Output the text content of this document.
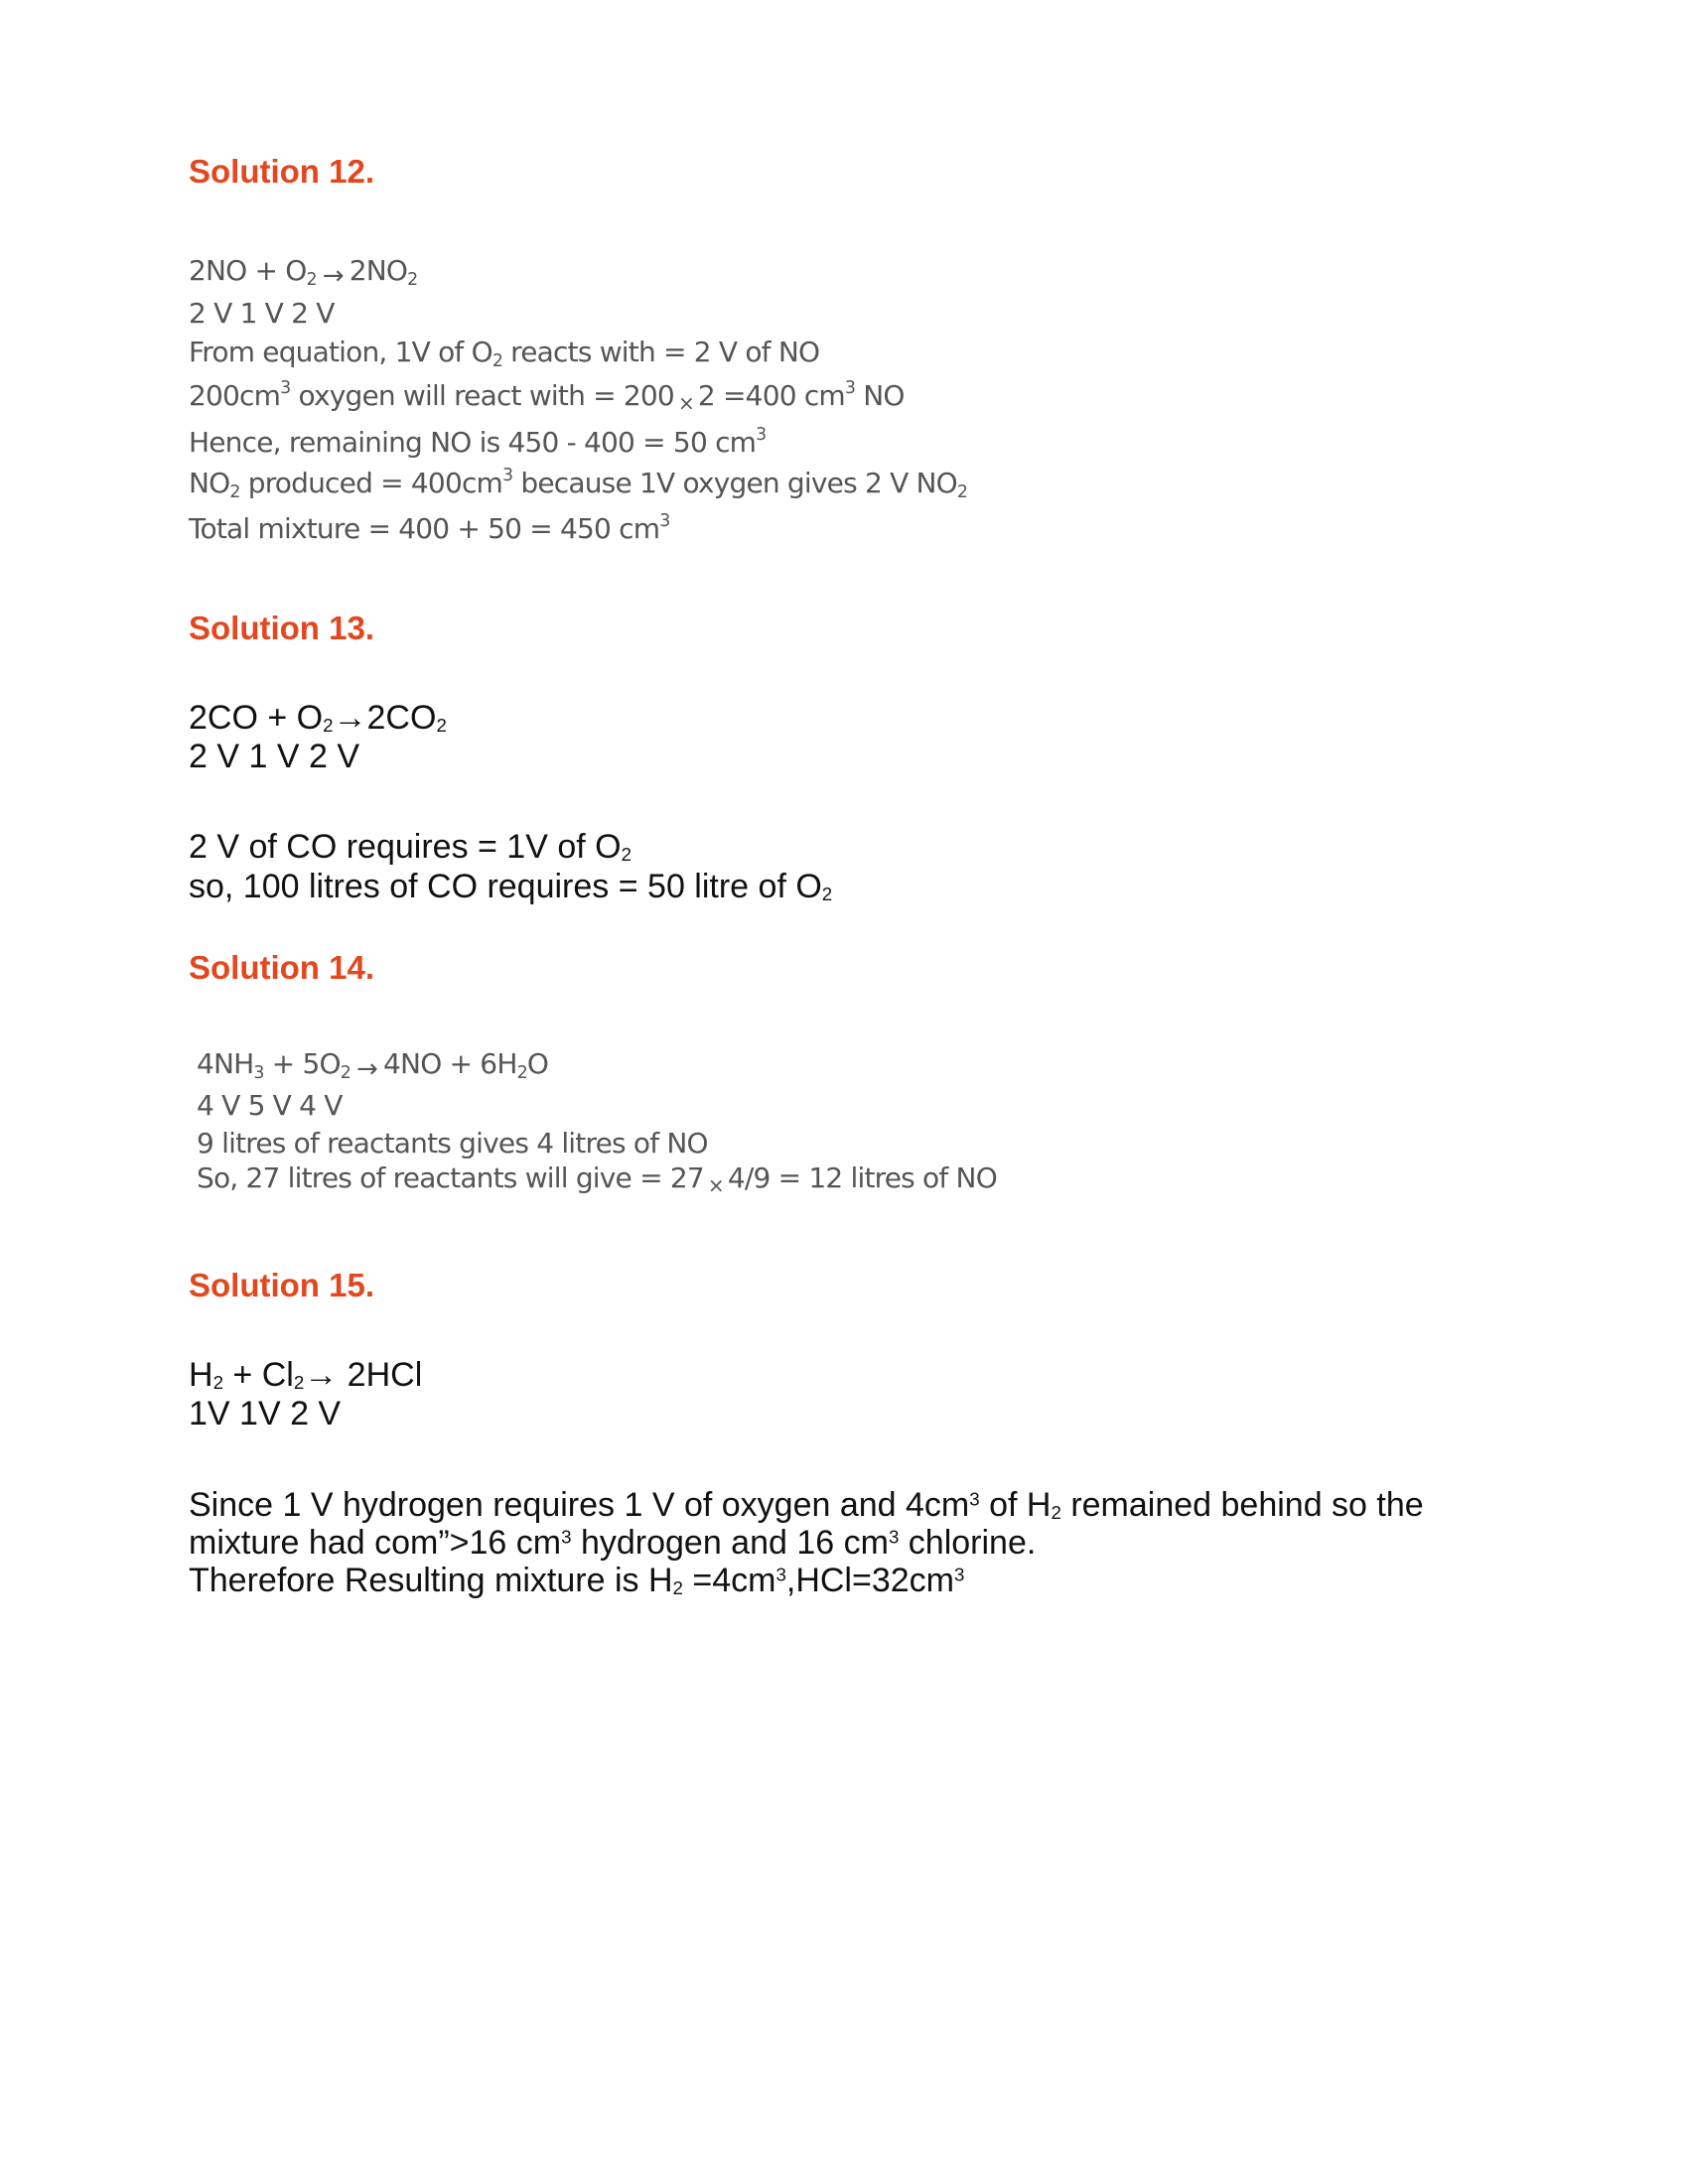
Solution 12.
$2NO + O_2 \to 2NO_2$
2 V 1 V 2 V
From equation, 1V of $O_2$ reacts with = 2 V of NO
$200cm^3$ oxygen will react with = 200 × 2 =400 $cm^3$ NO
Hence, remaining NO is 450 - 400 = 50 $cm^3$
$NO_2$ produced = $400cm^3$ because 1V oxygen gives 2 V $NO_2$
Total mixture = 400 + 50 = 450 $cm^3$
Solution 13.
$2CO + O_2\to 2CO_2$
2 V 1 V 2 V
2 V of CO requires = 1V of $O_2$
so, 100 litres of CO requires = 50 litre of $O_2$
Solution 14.
$4NH_3 + 5O_2 \to 4NO + 6H_2O$
4 V 5 V 4 V
9 litres of reactants gives 4 litres of NO
So, 27 litres of reactants will give = 27 × 4/9 = 12 litres of NO
Solution 15.
$H_2 + Cl_2\to 2HCl$
1V 1V 2 V
Since 1 V hydrogen requires 1 V of oxygen and $4cm^3$ of $H_2$ remained behind so the
mixture had com”>16 $cm^3$ hydrogen and 16 $cm^3$ chlorine.
Therefore Resulting mixture is $H_2 =4cm^3,HCl=32cm^3$
